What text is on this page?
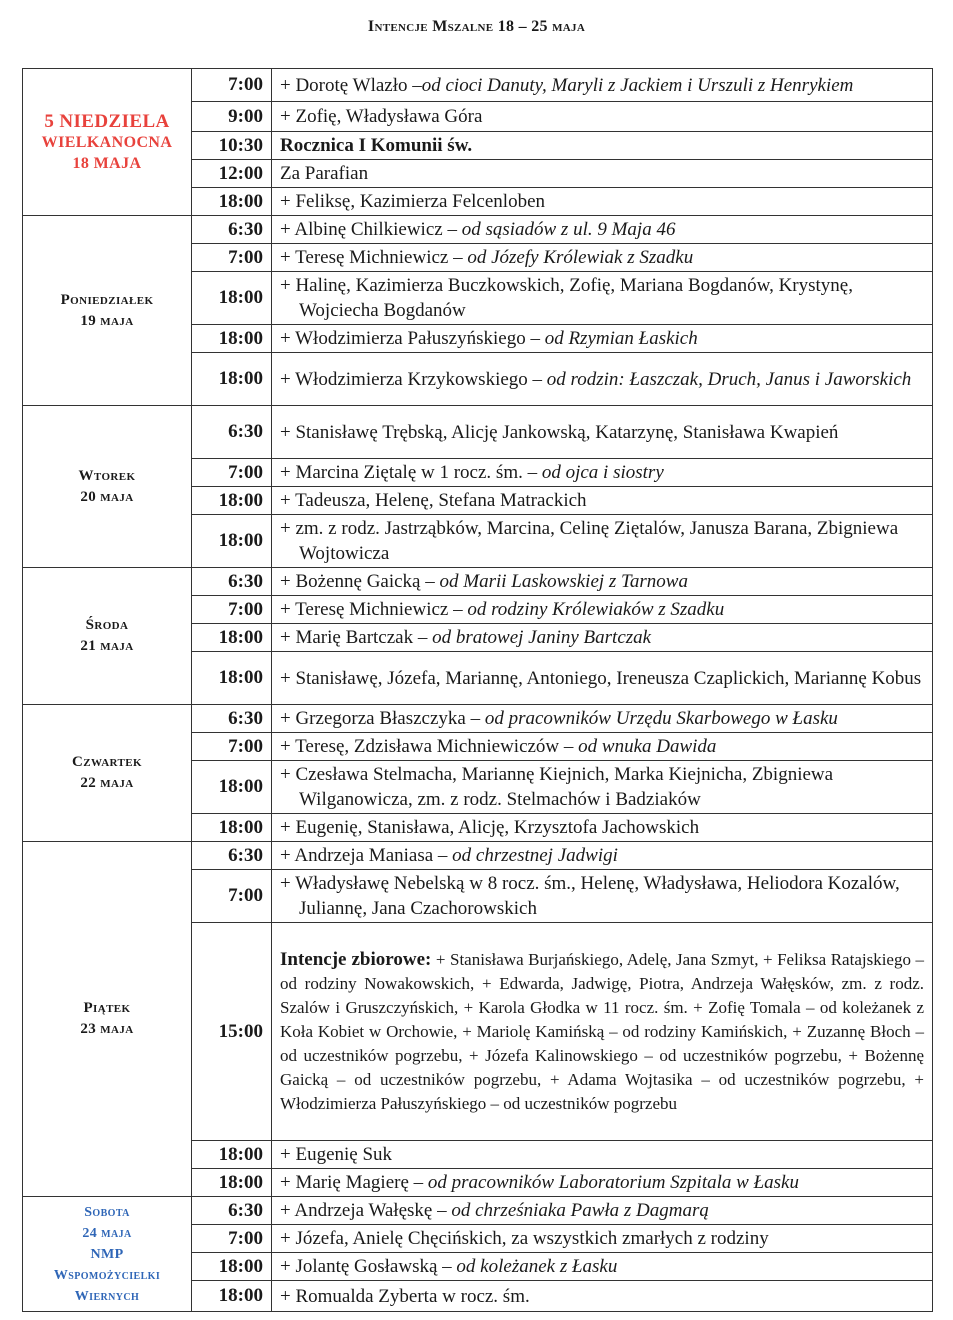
Intencje Mszalne 18 – 25 maja
5 NIEDZIELA
WIELKANOCNA
18 MAJA	7:00	+ Dorotę Wlazło –od cioci Danuty, Maryli z Jackiem i Urszuli z Henrykiem

	9:00	+ Zofię, Władysława Góra

	10:30	Rocznica I Komunii św.

	12:00	Za Parafian

	18:00	+ Feliksę, Kazimierza Felcenloben

Poniedziałek
19 maja	6:30	+ Albinę Chilkiewicz – od sąsiadów z ul. 9 Maja 46

	7:00	+ Teresę Michniewicz – od Józefy Królewiak z Szadku

	18:00	+ Halinę, Kazimierza Buczkowskich, Zofię, Mariana Bogdanów, Krystynę, Wojciecha Bogdanów

	18:00	+ Włodzimierza Pałuszyńskiego – od Rzymian Łaskich

	18:00	+ Włodzimierza Krzykowskiego – od rodzin: Łaszczak, Druch, Janus i Jaworskich

Wtorek
20 maja	6:30	+ Stanisławę Trębską, Alicję Jankowską, Katarzynę, Stanisława Kwapień

	7:00	+ Marcina Ziętalę w 1 rocz. śm. – od ojca i siostry

	18:00	+ Tadeusza, Helenę, Stefana Matrackich

	18:00	+ zm. z rodz. Jastrząbków, Marcina, Celinę Ziętalów, Janusza Barana, Zbigniewa Wojtowicza

Środa
21 maja	6:30	+ Bożennę Gaicką – od Marii Laskowskiej z Tarnowa

	7:00	+ Teresę Michniewicz – od rodziny Królewiaków z Szadku

	18:00	+ Marię Bartczak – od bratowej Janiny Bartczak

	18:00	+ Stanisławę, Józefa, Mariannę, Antoniego, Ireneusza Czaplickich, Mariannę Kobus

Czwartek
22 maja	6:30	+ Grzegorza Błaszczyka – od pracowników Urzędu Skarbowego w Łasku

	7:00	+ Teresę, Zdzisława Michniewiczów – od wnuka Dawida

	18:00	+ Czesława Stelmacha, Mariannę Kiejnich, Marka Kiejnicha, Zbigniewa Wilganowicza, zm. z rodz. Stelmachów i Badziaków

	18:00	+ Eugenię, Stanisława, Alicję, Krzysztofa Jachowskich

Piątek
23 maja	6:30	+ Andrzeja Maniasa – od chrzestnej Jadwigi

	7:00	+ Władysławę Nebelską w 8 rocz. śm., Helenę, Władysława, Heliodora Kozalów, Juliannę, Jana Czachorowskich

	15:00	Intencje zbiorowe: + Stanisława Burjańskiego, Adelę, Jana Szmyt, + Feliksa Ratajskiego – od rodziny Nowakowskich, + Edwarda, Jadwigę, Piotra, Andrzeja Wałęsków, zm. z rodz. Szalów i Gruszczyńskich, + Karola Głodka w 11 rocz. śm. + Zofię Tomala – od koleżanek z Koła Kobiet w Orchowie, + Mariolę Kamińską – od rodziny Kamińskich, + Zuzannę Błoch – od uczestników pogrzebu, + Józefa Kalinowskiego – od uczestników pogrzebu, + Bożennę Gaicką – od uczestników pogrzebu, + Adama Wojtasika – od uczestników pogrzebu, + Włodzimierza Pałuszyńskiego – od uczestników pogrzebu

	18:00	+ Eugenię Suk

	18:00	+ Marię Magierę – od pracowników Laboratorium Szpitala w Łasku

Sobota
24 maja
NMP
Wspomożycielki
Wiernych	6:30	+ Andrzeja Wałęskę – od chrześniaka Pawła z Dagmarą

	7:00	+ Józefa, Anielę Chęcińskich, za wszystkich zmarłych z rodziny

	18:00	+ Jolantę Gosławską – od koleżanek z Łasku

	18:00	+ Romualda Zyberta w rocz. śm.
